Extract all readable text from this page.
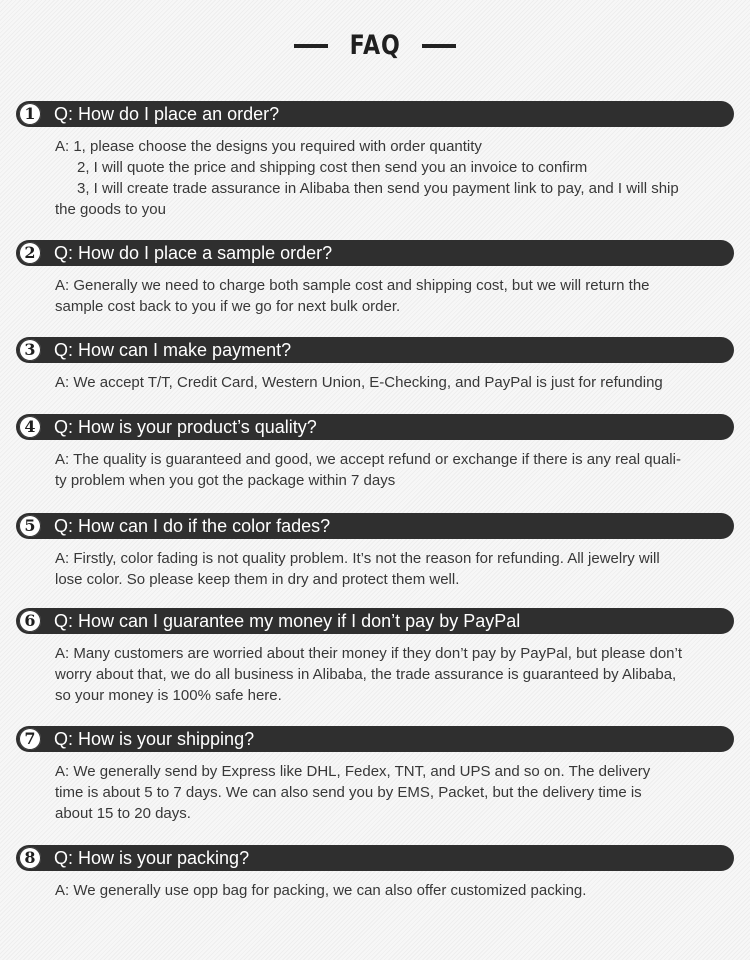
FAQ
1	Q: How do I place an order?
A: 1, please choose the designs you required with order quantity
2, I will quote the price and shipping cost then send you an invoice to confirm
3, I will create trade assurance in Alibaba then send you payment link to pay, and I will ship
the goods to you
2	Q: How do I place a sample order?
A: Generally we need to charge both sample cost and shipping cost, but we will return the
sample cost back to you if we go for next bulk order.
3	Q: How can I make payment?
A: We accept T/T, Credit Card, Western Union, E-Checking, and PayPal is just for refunding
4	Q: How is your product’s quality?
A: The quality is guaranteed and good, we accept refund or exchange if there is any real quali-
ty problem when you got the package within 7 days
5	Q: How can I do if the color fades?
A: Firstly, color fading is not quality problem. It’s not the reason for refunding. All jewelry will
lose color. So please keep them in dry and protect them well.
6	Q: How can I guarantee my money if I don’t pay by PayPal
A: Many customers are worried about their money if they don’t pay by PayPal, but please don’t
worry about that, we do all business in Alibaba, the trade assurance is guaranteed by Alibaba,
so your money is 100% safe here.
7	Q: How is your shipping?
A: We generally send by Express like DHL, Fedex, TNT, and UPS and so on. The delivery
time is about 5 to 7 days. We can also send you by EMS, Packet, but the delivery time is
about 15 to 20 days.
8	Q: How is your packing?
A: We generally use opp bag for packing, we can also offer customized packing.
